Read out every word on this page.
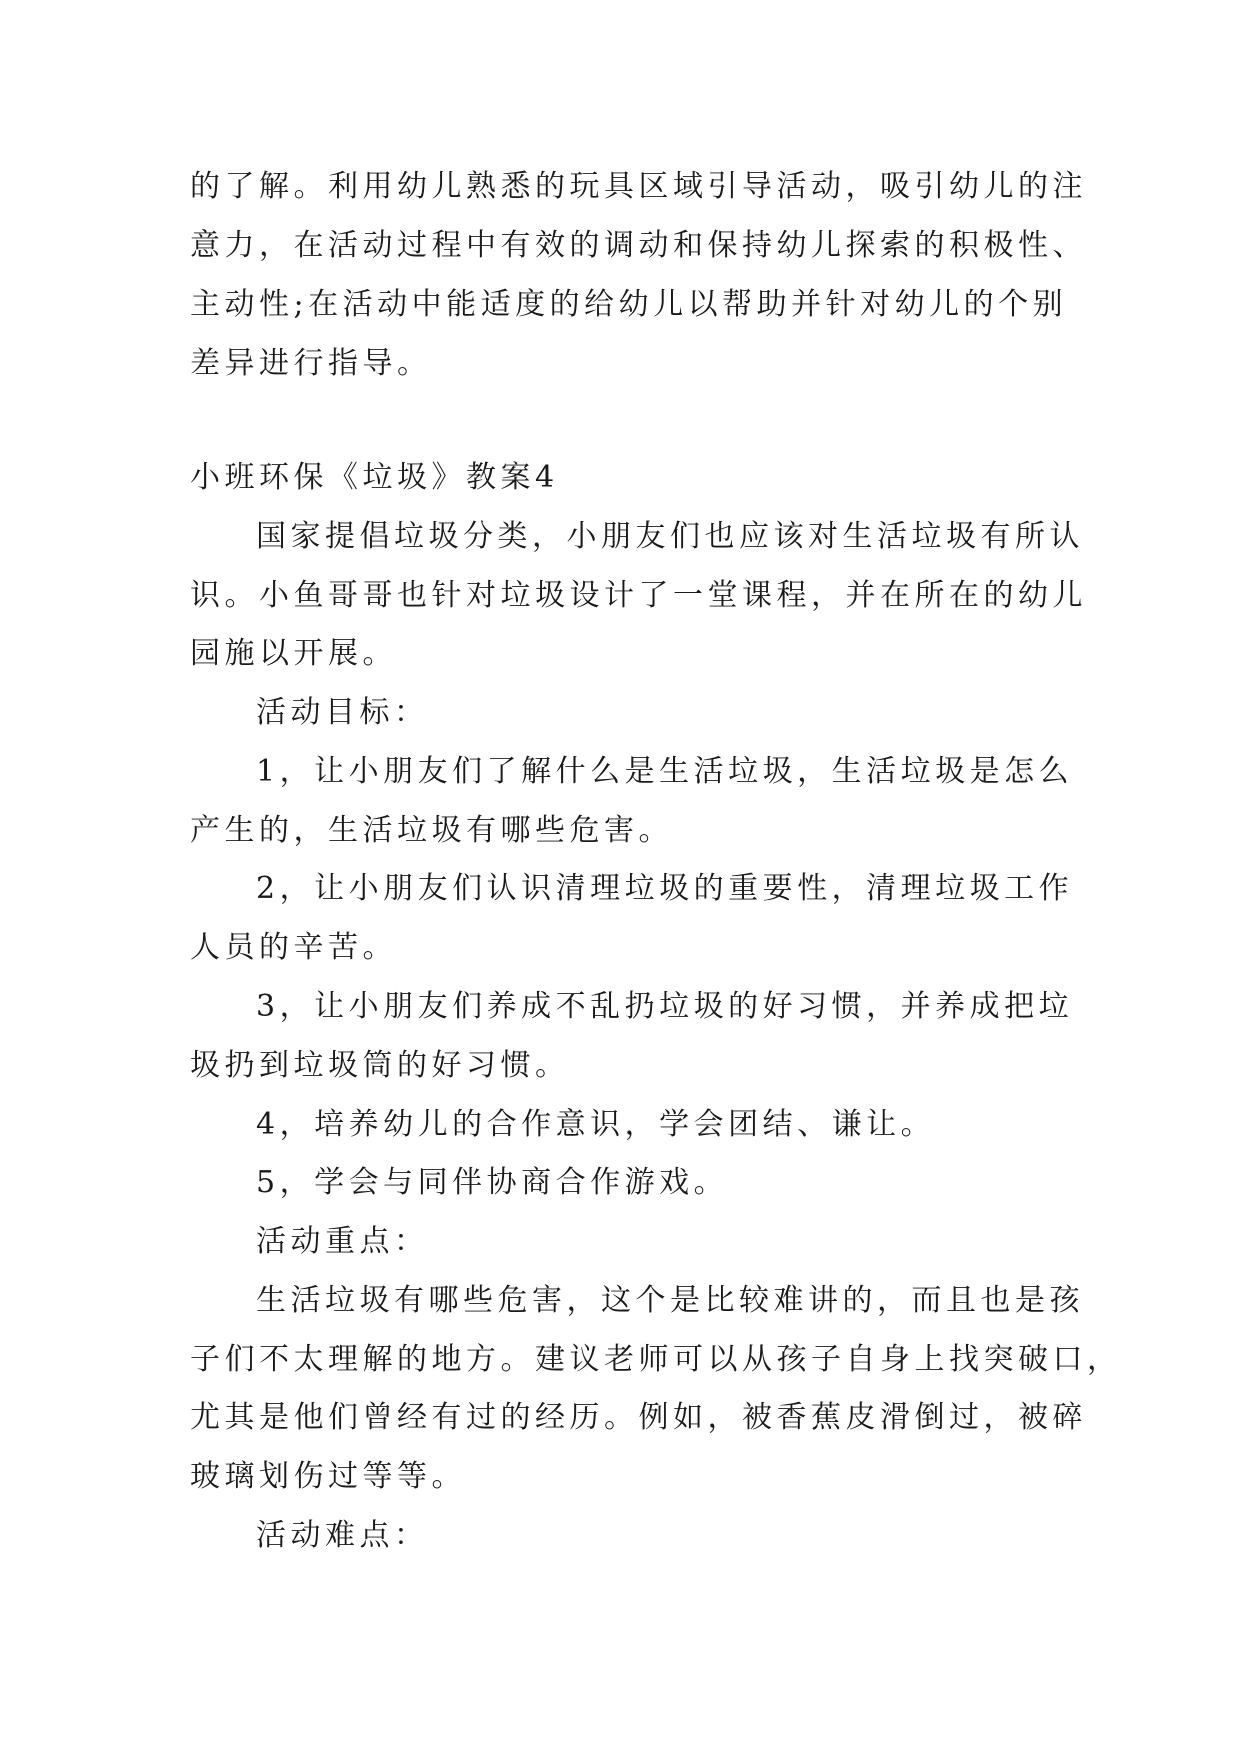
的了解。利用幼儿熟悉的玩具区域引导活动，吸引幼儿的注
意力，在活动过程中有效的调动和保持幼儿探索的积极性、
主动性;在活动中能适度的给幼儿以帮助并针对幼儿的个别
差异进行指导。
小班环保《垃圾》教案4
国家提倡垃圾分类，小朋友们也应该对生活垃圾有所认
识。小鱼哥哥也针对垃圾设计了一堂课程，并在所在的幼儿
园施以开展。
活动目标：
1，让小朋友们了解什么是生活垃圾，生活垃圾是怎么
产生的，生活垃圾有哪些危害。
2，让小朋友们认识清理垃圾的重要性，清理垃圾工作
人员的辛苦。
3，让小朋友们养成不乱扔垃圾的好习惯，并养成把垃
圾扔到垃圾筒的好习惯。
4，培养幼儿的合作意识，学会团结、谦让。
5，学会与同伴协商合作游戏。
活动重点：
生活垃圾有哪些危害，这个是比较难讲的，而且也是孩
子们不太理解的地方。建议老师可以从孩子自身上找突破口，
尤其是他们曾经有过的经历。例如，被香蕉皮滑倒过，被碎
玻璃划伤过等等。
活动难点：
